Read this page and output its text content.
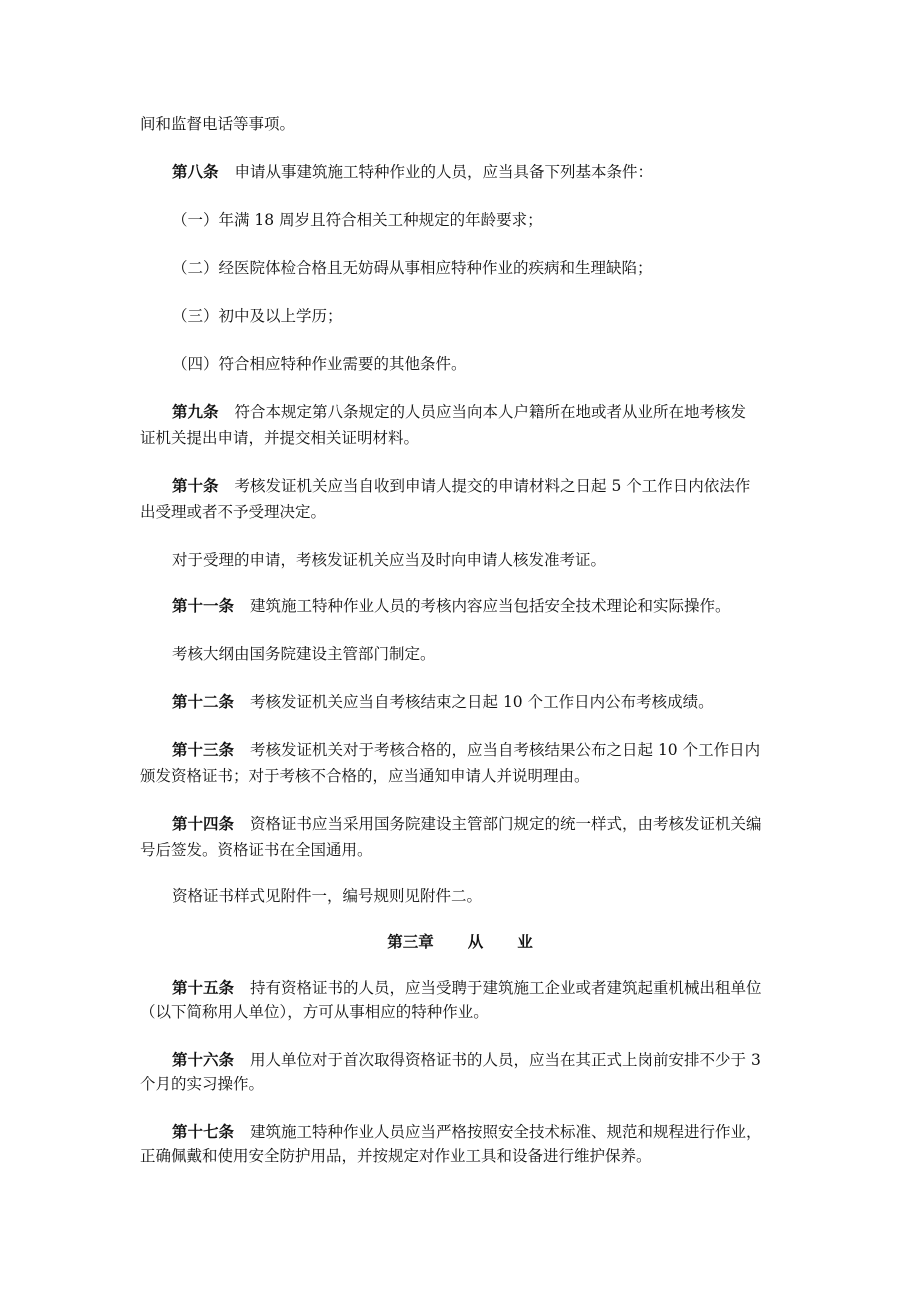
间和监督电话等事项。
第八条 申请从事建筑施工特种作业的人员，应当具备下列基本条件：
（一）年满 18 周岁且符合相关工种规定的年龄要求；
（二）经医院体检合格且无妨碍从事相应特种作业的疾病和生理缺陷；
（三）初中及以上学历；
（四）符合相应特种作业需要的其他条件。
第九条 符合本规定第八条规定的人员应当向本人户籍所在地或者从业所在地考核发
证机关提出申请，并提交相关证明材料。
第十条 考核发证机关应当自收到申请人提交的申请材料之日起 5 个工作日内依法作
出受理或者不予受理决定。
对于受理的申请，考核发证机关应当及时向申请人核发准考证。
第十一条 建筑施工特种作业人员的考核内容应当包括安全技术理论和实际操作。
考核大纲由国务院建设主管部门制定。
第十二条 考核发证机关应当自考核结束之日起 10 个工作日内公布考核成绩。
第十三条 考核发证机关对于考核合格的，应当自考核结果公布之日起 10 个工作日内
颁发资格证书；对于考核不合格的，应当通知申请人并说明理由。
第十四条 资格证书应当采用国务院建设主管部门规定的统一样式，由考核发证机关编
号后签发。资格证书在全国通用。
资格证书样式见附件一，编号规则见附件二。
第三章 从 业
第十五条 持有资格证书的人员，应当受聘于建筑施工企业或者建筑起重机械出租单位
（以下简称用人单位），方可从事相应的特种作业。
第十六条 用人单位对于首次取得资格证书的人员，应当在其正式上岗前安排不少于 3
个月的实习操作。
第十七条 建筑施工特种作业人员应当严格按照安全技术标准、规范和规程进行作业，
正确佩戴和使用安全防护用品，并按规定对作业工具和设备进行维护保养。
